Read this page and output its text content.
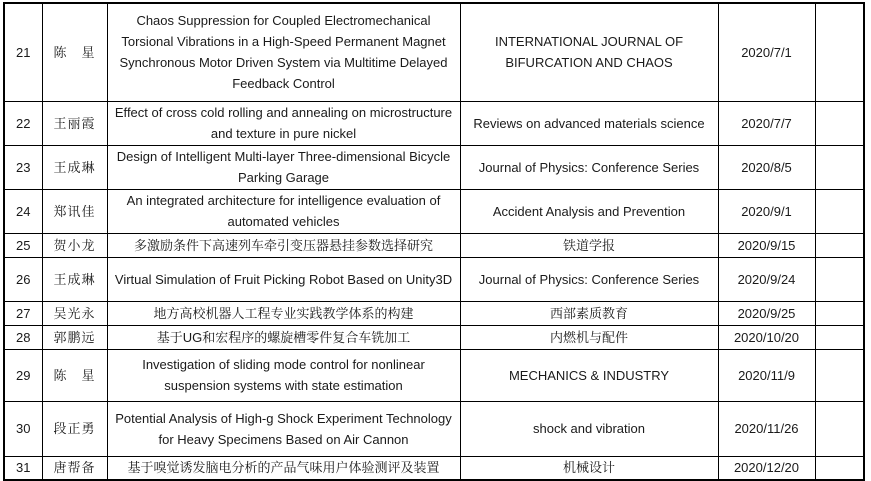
21	陈　星	Chaos Suppression for Coupled Electromechanical Torsional Vibrations in a High-Speed Permanent Magnet Synchronous Motor Driven System via Multitime Delayed Feedback Control	INTERNATIONAL JOURNAL OF BIFURCATION AND CHAOS	2020/7/1	
22	王丽霞	Effect of cross cold rolling and annealing on microstructure and texture in pure nickel	Reviews on advanced materials science	2020/7/7	
23	王成琳	Design of Intelligent Multi-layer Three-dimensional Bicycle Parking Garage	Journal of Physics: Conference Series	2020/8/5	
24	郑讯佳	An integrated architecture for intelligence evaluation of automated vehicles	Accident Analysis and Prevention	2020/9/1	
25	贺小龙	多激励条件下高速列车牵引变压器悬挂参数选择研究	铁道学报	2020/9/15	
26	王成琳	Virtual Simulation of Fruit Picking Robot Based on Unity3D	Journal of Physics: Conference Series	2020/9/24	
27	吴光永	地方高校机器人工程专业实践教学体系的构建	西部素质教育	2020/9/25	
28	郭鹏远	基于UG和宏程序的螺旋槽零件复合车铣加工	内燃机与配件	2020/10/20	
29	陈　星	Investigation of sliding mode control for nonlinear suspension systems with state estimation	MECHANICS & INDUSTRY	2020/11/9	
30	段正勇	Potential Analysis of High-g Shock Experiment Technology for Heavy Specimens Based on Air Cannon	shock and vibration	2020/11/26	
31	唐帮备	基于嗅觉诱发脑电分析的产品气味用户体验测评及装置	机械设计	2020/12/20	
